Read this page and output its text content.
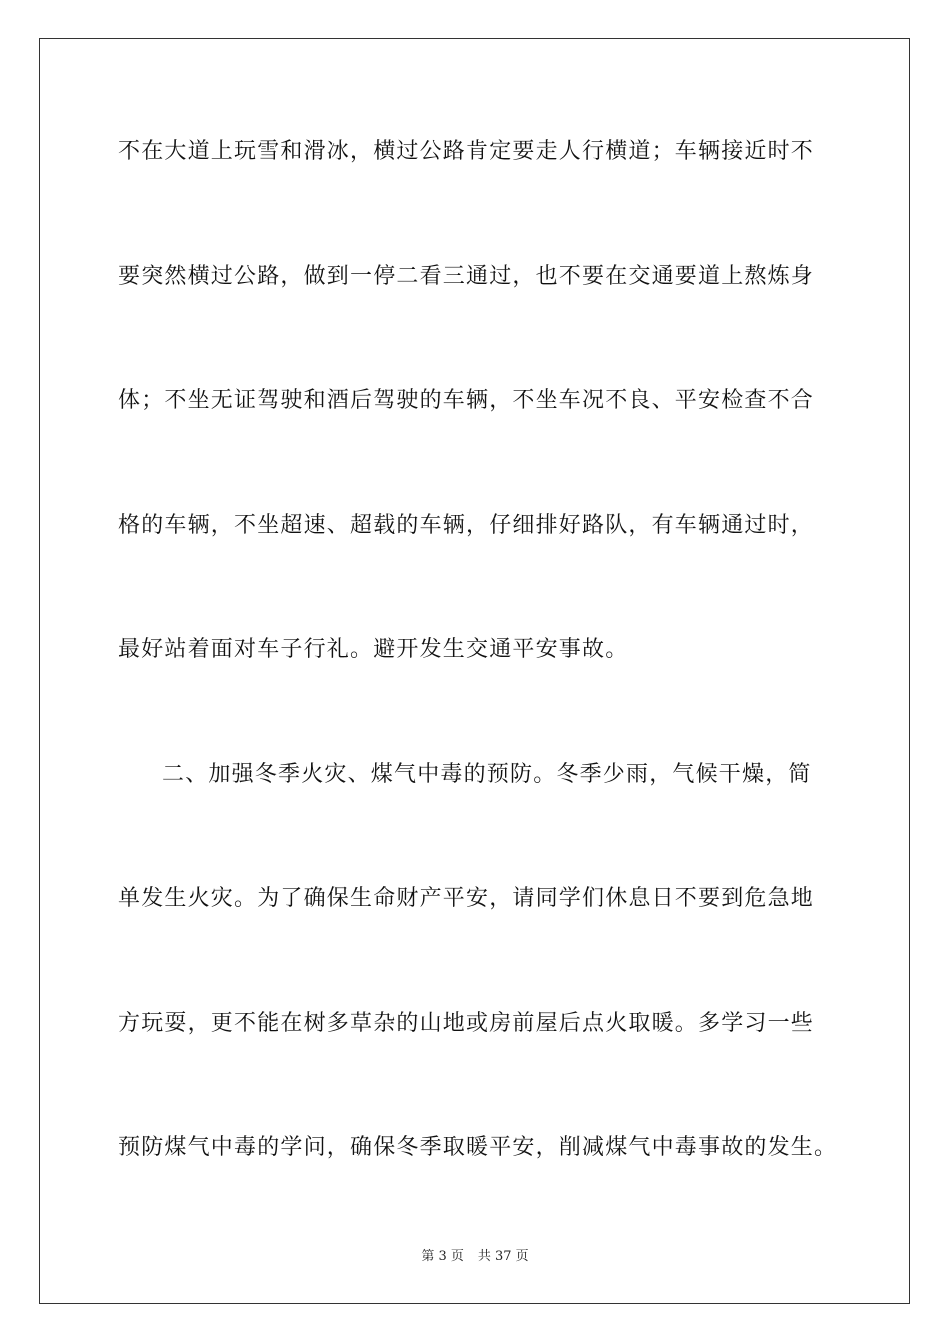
不在大道上玩雪和滑冰，横过公路肯定要走人行横道；车辆接近时不
要突然横过公路，做到一停二看三通过，也不要在交通要道上熬炼身
体；不坐无证驾驶和酒后驾驶的车辆，不坐车况不良、平安检查不合
格的车辆，不坐超速、超载的车辆，仔细排好路队，有车辆通过时，
最好站着面对车子行礼。避开发生交通平安事故。
二、加强冬季火灾、煤气中毒的预防。冬季少雨，气候干燥，简
单发生火灾。为了确保生命财产平安，请同学们休息日不要到危急地
方玩耍，更不能在树多草杂的山地或房前屋后点火取暖。多学习一些
预防煤气中毒的学问，确保冬季取暖平安，削减煤气中毒事故的发生。
第 3 页 共 37 页
